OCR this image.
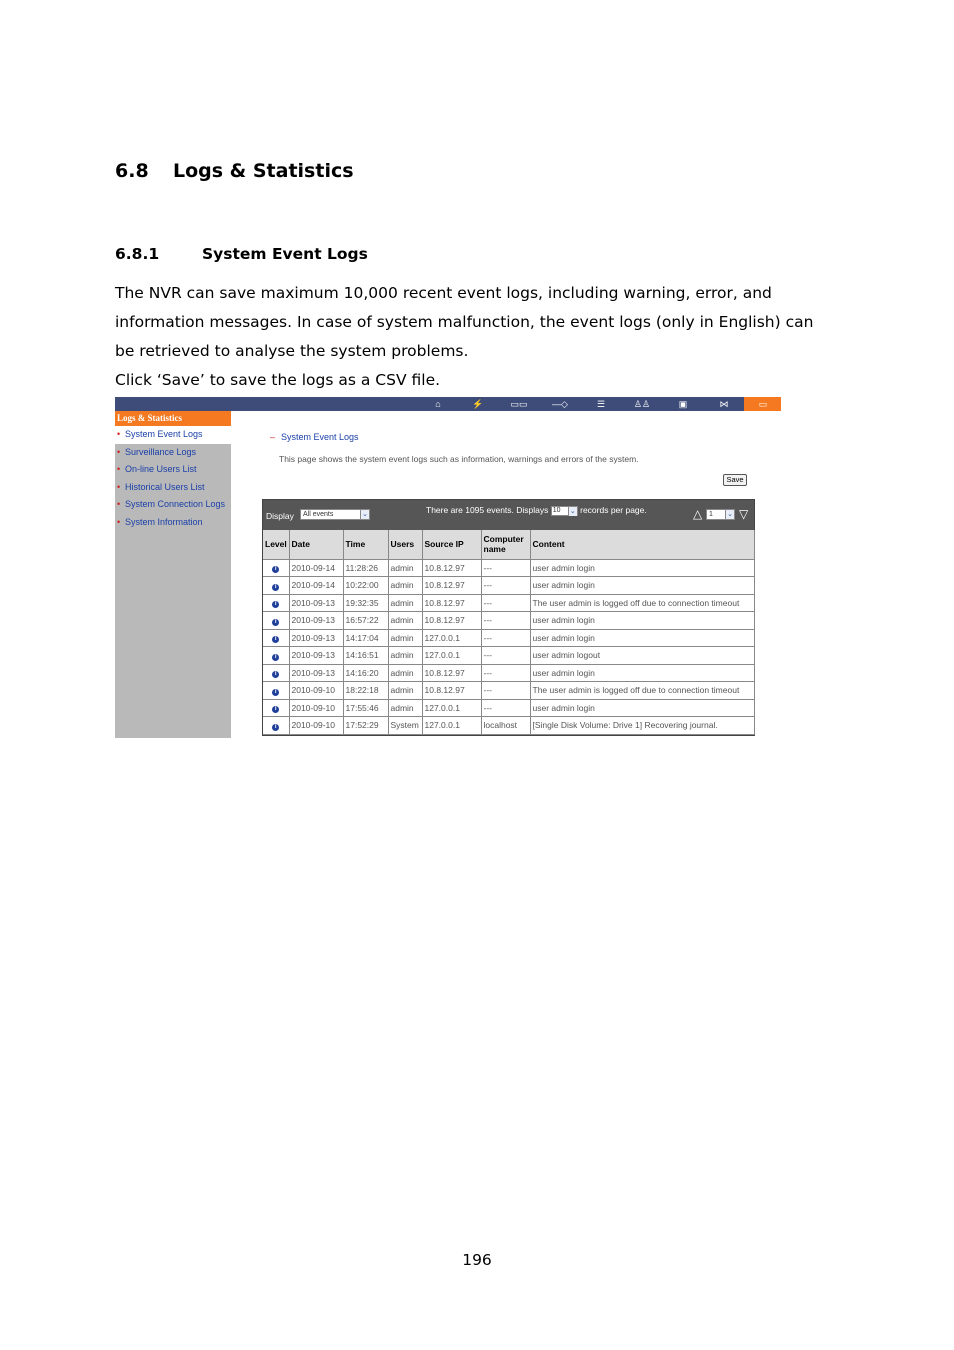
6.8 Logs & Statistics
6.8.1	System Event Logs
The NVR can save maximum 10,000 recent event logs, including warning, error, and
information messages. In case of system malfunction, the event logs (only in English) can
be retrieved to analyse the system problems.
Click ‘Save’ to save the logs as a CSV file.
⌂	⚡	▭▭	—◇	☰	♙♙	▣	⋈	▭
Logs & Statistics
• System Event Logs
• Surveillance Logs
• On-line Users List
• Historical Users List
• System Connection Logs
• System Information
– System Event Logs
This page shows the system event logs such as information, warnings and errors of the system.
Save
Display	All events	⌄	There are 1095 events. Displays 10 ⌄ records per page.	△ 1 ⌄ ▽
Level	Date	Time	Users	Source IP	Computer name	Content
i	2010-09-14	11:28:26	admin	10.8.12.97	---	user admin login
i	2010-09-14	10:22:00	admin	10.8.12.97	---	user admin login
i	2010-09-13	19:32:35	admin	10.8.12.97	---	The user admin is logged off due to connection timeout
i	2010-09-13	16:57:22	admin	10.8.12.97	---	user admin login
i	2010-09-13	14:17:04	admin	127.0.0.1	---	user admin login
i	2010-09-13	14:16:51	admin	127.0.0.1	---	user admin logout
i	2010-09-13	14:16:20	admin	10.8.12.97	---	user admin login
i	2010-09-10	18:22:18	admin	10.8.12.97	---	The user admin is logged off due to connection timeout
i	2010-09-10	17:55:46	admin	127.0.0.1	---	user admin login
i	2010-09-10	17:52:29	System	127.0.0.1	localhost	[Single Disk Volume: Drive 1] Recovering journal.
196
